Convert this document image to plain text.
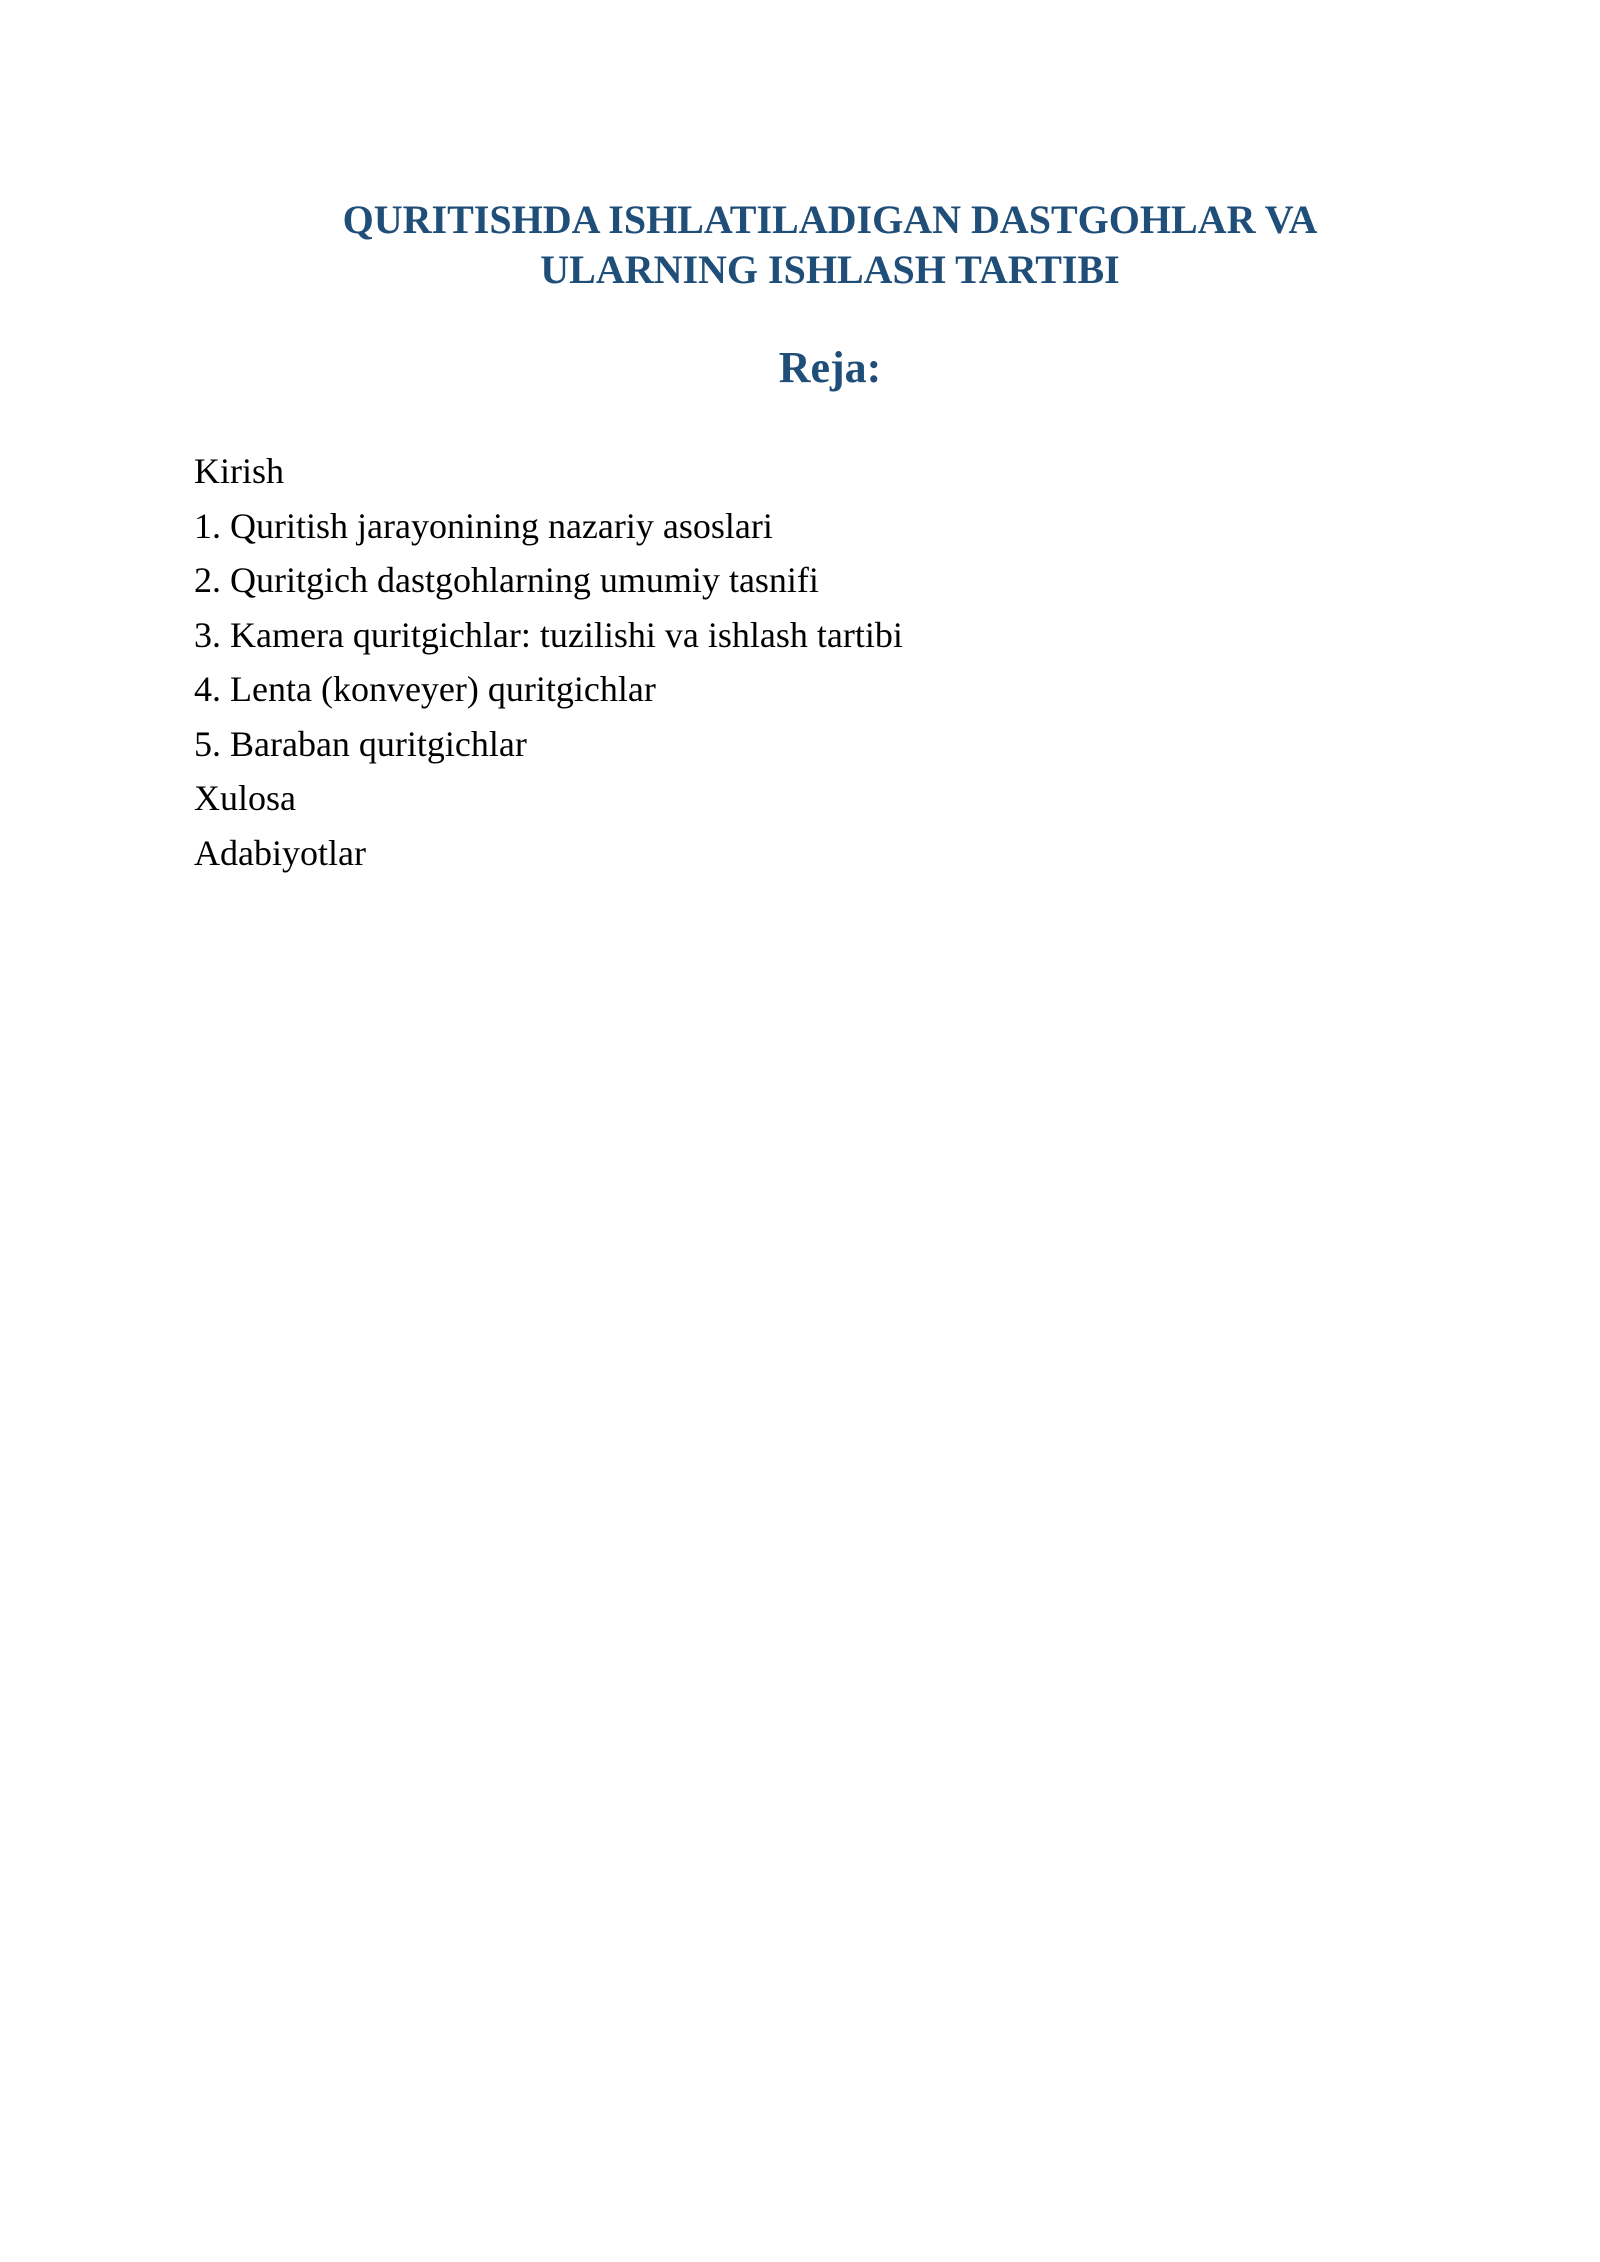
QURITISHDA ISHLATILADIGAN DASTGOHLAR VA
ULARNING ISHLASH TARTIBI
Reja:
Kirish
1. Quritish jarayonining nazariy asoslari
2. Quritgich dastgohlarning umumiy tasnifi
3. Kamera quritgichlar: tuzilishi va ishlash tartibi
4. Lenta (konveyer) quritgichlar
5. Baraban quritgichlar
Xulosa
Adabiyotlar
